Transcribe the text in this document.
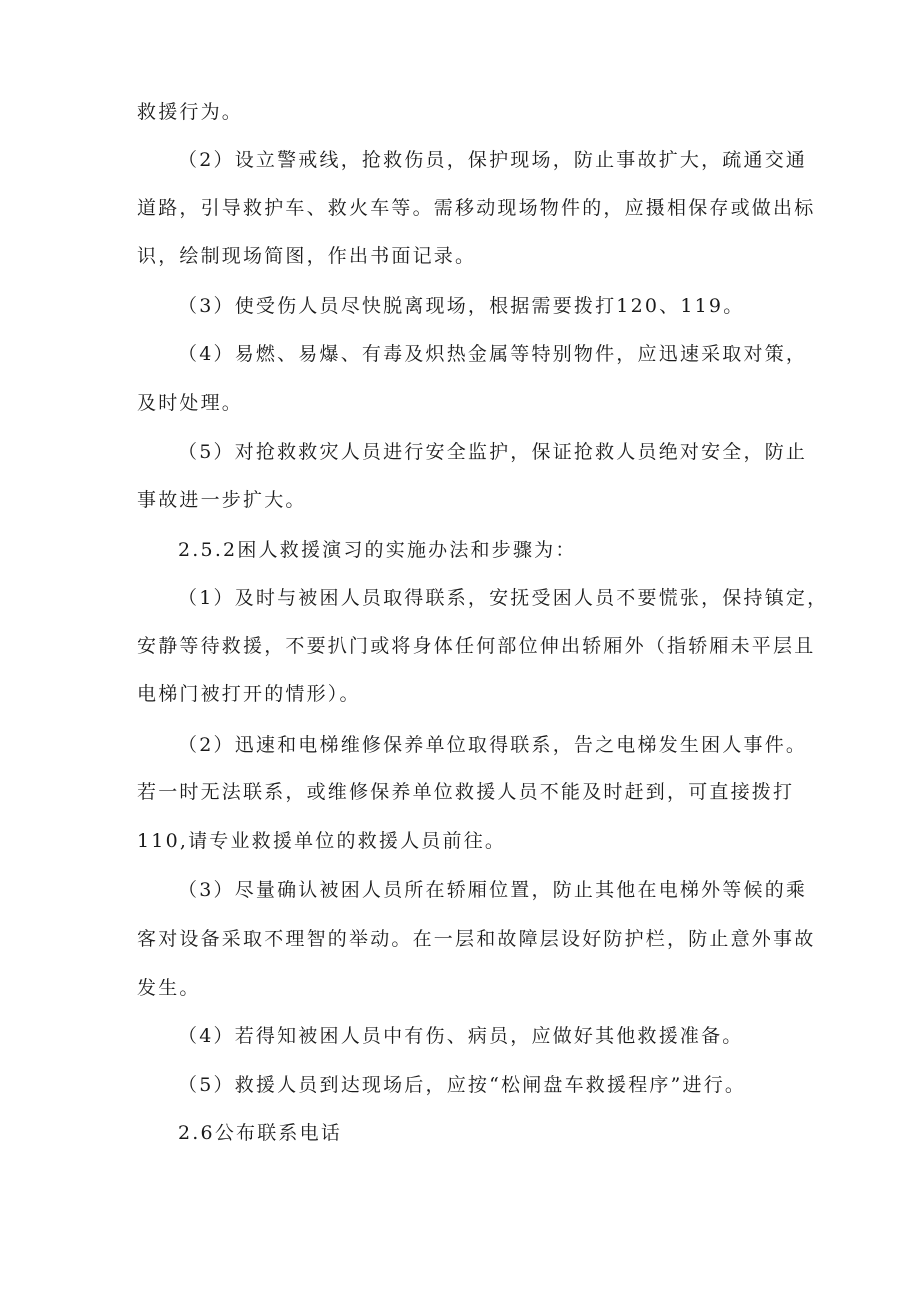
救援行为。
（2）设立警戒线，抢救伤员，保护现场，防止事故扩大，疏通交通
道路，引导救护车、救火车等。需移动现场物件的，应摄相保存或做出标
识，绘制现场简图，作出书面记录。
（3）使受伤人员尽快脱离现场，根据需要拨打120、119。
（4）易燃、易爆、有毒及炽热金属等特别物件，应迅速采取对策，
及时处理。
（5）对抢救救灾人员进行安全监护，保证抢救人员绝对安全，防止
事故进一步扩大。
2.5.2困人救援演习的实施办法和步骤为：
（1）及时与被困人员取得联系，安抚受困人员不要慌张，保持镇定，
安静等待救援，不要扒门或将身体任何部位伸出轿厢外（指轿厢未平层且
电梯门被打开的情形）。
（2）迅速和电梯维修保养单位取得联系，告之电梯发生困人事件。
若一时无法联系，或维修保养单位救援人员不能及时赶到，可直接拨打
110,请专业救援单位的救援人员前往。
（3）尽量确认被困人员所在轿厢位置，防止其他在电梯外等候的乘
客对设备采取不理智的举动。在一层和故障层设好防护栏，防止意外事故
发生。
（4）若得知被困人员中有伤、病员，应做好其他救援准备。
（5）救援人员到达现场后，应按“松闸盘车救援程序”进行。
2.6公布联系电话
